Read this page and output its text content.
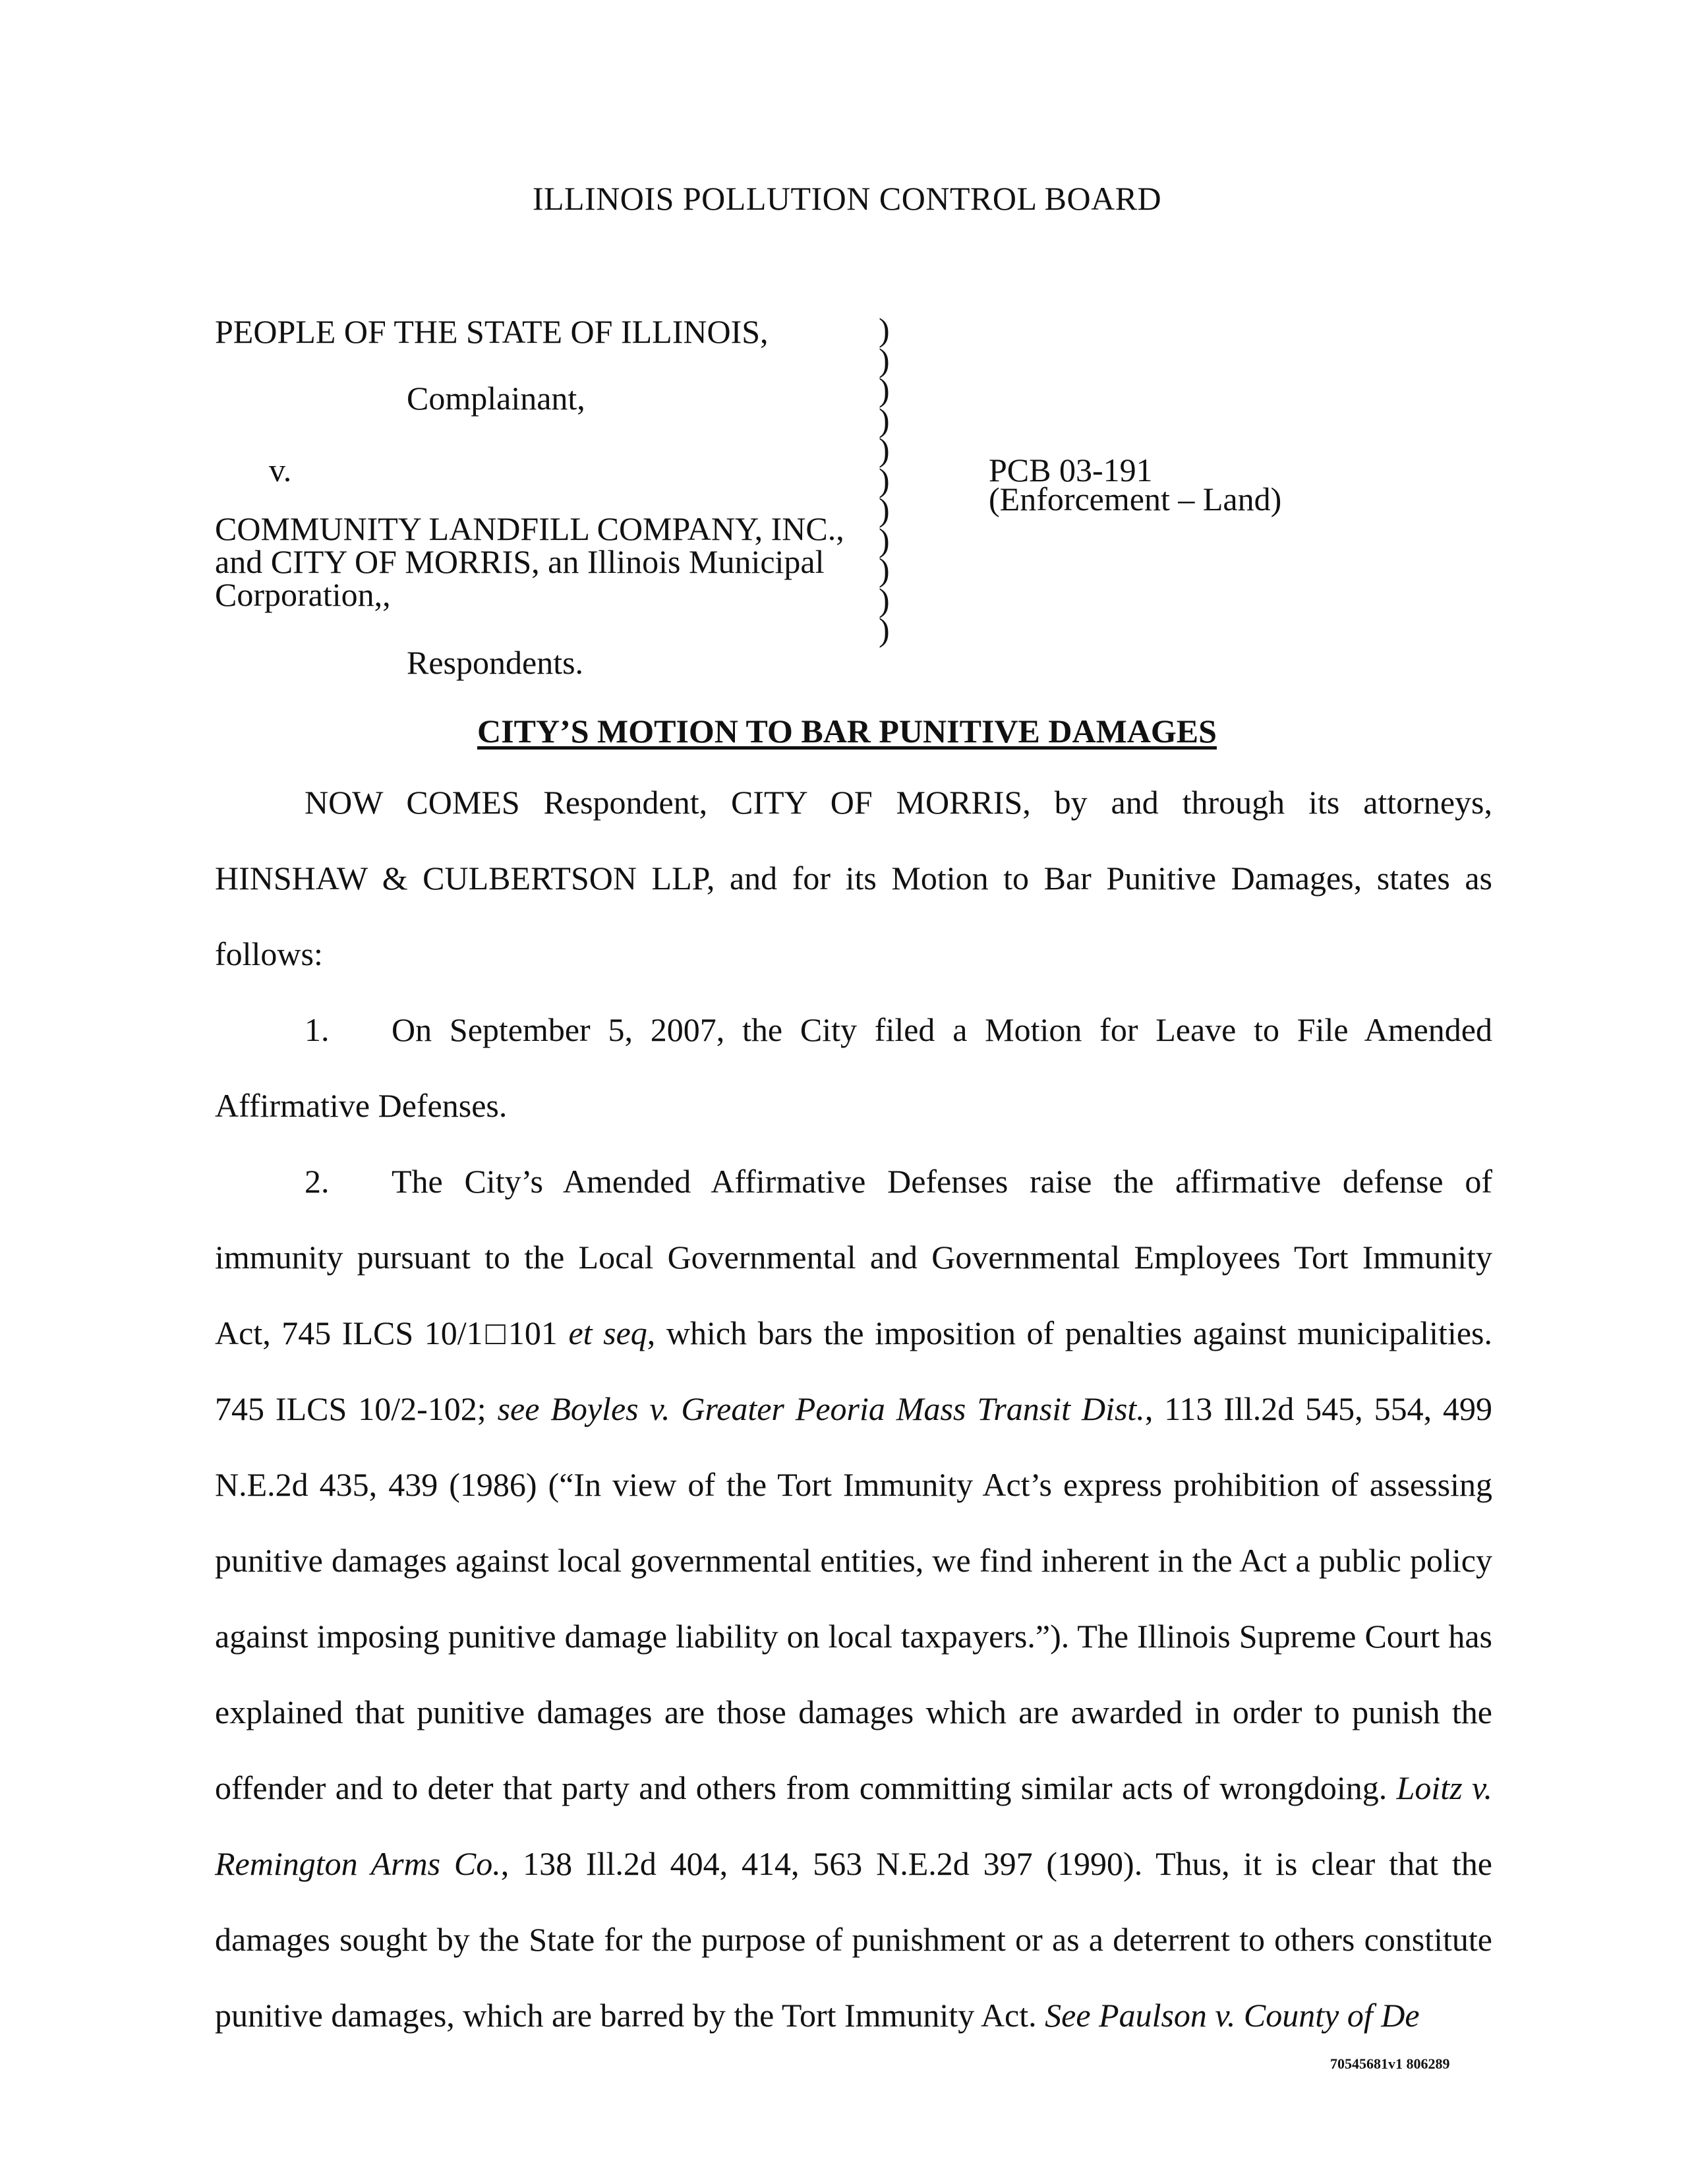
ILLINOIS POLLUTION CONTROL BOARD
PEOPLE OF THE STATE OF ILLINOIS,
Complainant,
v.
COMMUNITY LANDFILL COMPANY, INC.,
and CITY OF MORRIS, an Illinois Municipal
Corporation,,
Respondents.
)
)
)
)
)
)
)
)
)
)
)
PCB 03-191
(Enforcement – Land)
CITY’S MOTION TO BAR PUNITIVE DAMAGES

NOW COMES Respondent, CITY OF MORRIS, by and through its attorneys, HINSHAW & CULBERTSON LLP, and for its Motion to Bar Punitive Damages, states as follows:

1. On September 5, 2007, the City filed a Motion for Leave to File Amended Affirmative Defenses.

2. The City’s Amended Affirmative Defenses raise the affirmative defense of immunity pursuant to the Local Governmental and Governmental Employees Tort Immunity Act, 745 ILCS 10/1□101 et seq, which bars the imposition of penalties against municipalities. 745 ILCS 10/2-102; see Boyles v. Greater Peoria Mass Transit Dist., 113 Ill.2d 545, 554, 499 N.E.2d 435, 439 (1986) (“In view of the Tort Immunity Act’s express prohibition of assessing punitive damages against local governmental entities, we find inherent in the Act a public policy against imposing punitive damage liability on local taxpayers.”). The Illinois Supreme Court has explained that punitive damages are those damages which are awarded in order to punish the offender and to deter that party and others from committing similar acts of wrongdoing. Loitz v. Remington Arms Co., 138 Ill.2d 404, 414, 563 N.E.2d 397 (1990). Thus, it is clear that the damages sought by the State for the purpose of punishment or as a deterrent to others constitute punitive damages, which are barred by the Tort Immunity Act. See Paulson v. County of De

70545681v1 806289
